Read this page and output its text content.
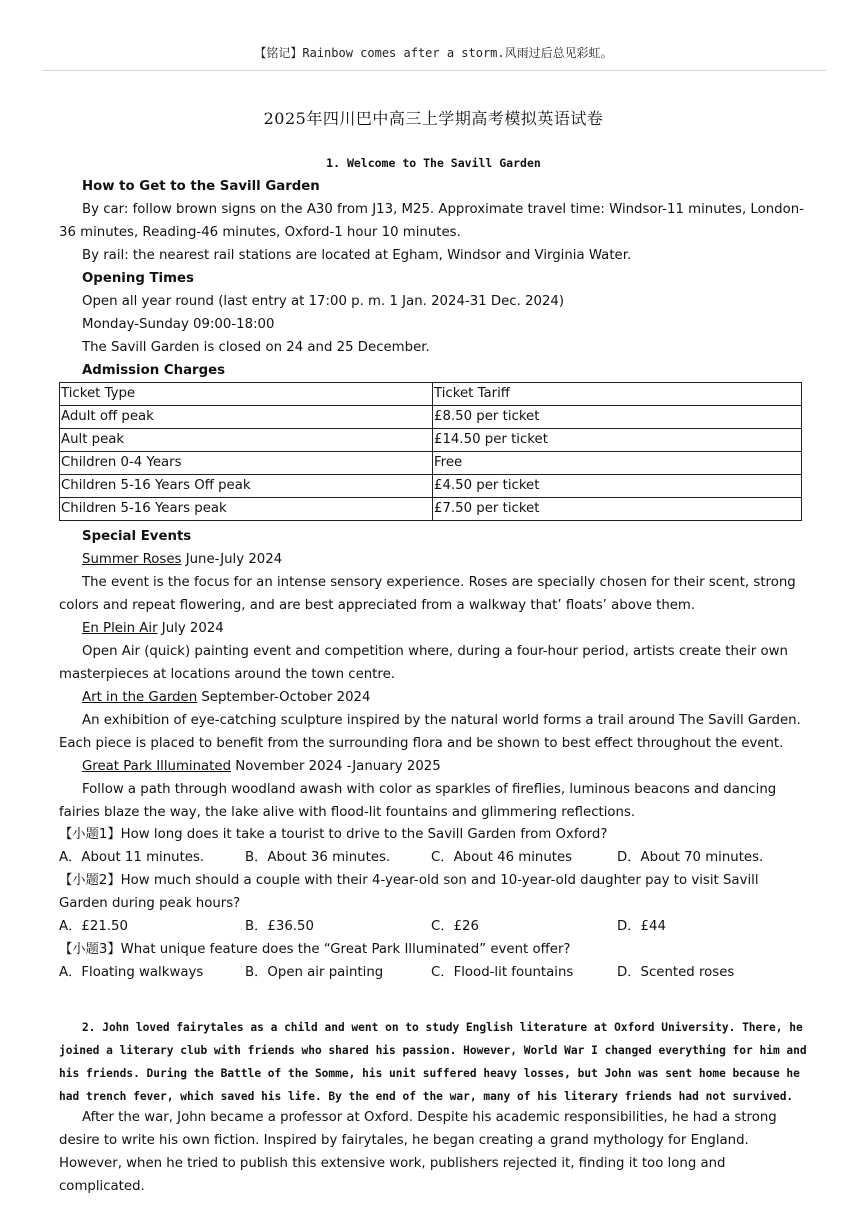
【铭记】Rainbow comes after a storm.风雨过后总见彩虹。
2025年四川巴中高三上学期高考模拟英语试卷
1. Welcome to The Savill Garden

How to Get to the Savill Garden

By car: follow brown signs on the A30 from J13, M25. Approximate travel time: Windsor-11 minutes, London-36 minutes, Reading-46 minutes, Oxford-1 hour 10 minutes.

By rail: the nearest rail stations are located at Egham, Windsor and Virginia Water.

Opening Times

Open all year round (last entry at 17:00 p. m. 1 Jan. 2024-31 Dec. 2024)

Monday-Sunday 09:00-18:00

The Savill Garden is closed on 24 and 25 December.

Admission Charges

Ticket Type	Ticket Tariff
Adult off peak	£8.50 per ticket
Ault peak	£14.50 per ticket
Children 0-4 Years	Free
Children 5-16 Years Off peak	£4.50 per ticket
Children 5-16 Years peak	£7.50 per ticket

Special Events

Summer Roses June-July 2024

The event is the focus for an intense sensory experience. Roses are specially chosen for their scent, strong colors and repeat flowering, and are best appreciated from a walkway that’ floats’ above them.

En Plein Air July 2024

Open Air (quick) painting event and competition where, during a four-hour period, artists create their own masterpieces at locations around the town centre.

Art in the Garden September-October 2024

An exhibition of eye-catching sculpture inspired by the natural world forms a trail around The Savill Garden. Each piece is placed to benefit from the surrounding flora and be shown to best effect throughout the event.

Great Park Illuminated November 2024 -January 2025

Follow a path through woodland awash with color as sparkles of fireflies, luminous beacons and dancing fairies blaze the way, the lake alive with flood-lit fountains and glimmering reflections.

【小题1】How long does it take a tourist to drive to the Savill Garden from Oxford?

A．About 11 minutes.	B．About 36 minutes.	C．About 46 minutes	D．About 70 minutes.

【小题2】How much should a couple with their 4-year-old son and 10-year-old daughter pay to visit Savill Garden during peak hours?

A．£21.50	B．£36.50	C．£26	D．£44

【小题3】What unique feature does the “Great Park Illuminated” event offer?

A．Floating walkways	B．Open air painting	C．Flood-lit fountains	D．Scented roses

2. John loved fairytales as a child and went on to study English literature at Oxford University. There, he joined a literary club with friends who shared his passion. However, World War I changed everything for him and his friends. During the Battle of the Somme, his unit suffered heavy losses, but John was sent home because he had trench fever, which saved his life. By the end of the war, many of his literary friends had not survived.

After the war, John became a professor at Oxford. Despite his academic responsibilities, he had a strong desire to write his own fiction. Inspired by fairytales, he began creating a grand mythology for England. However, when he tried to publish this extensive work, publishers rejected it, finding it too long and complicated.
